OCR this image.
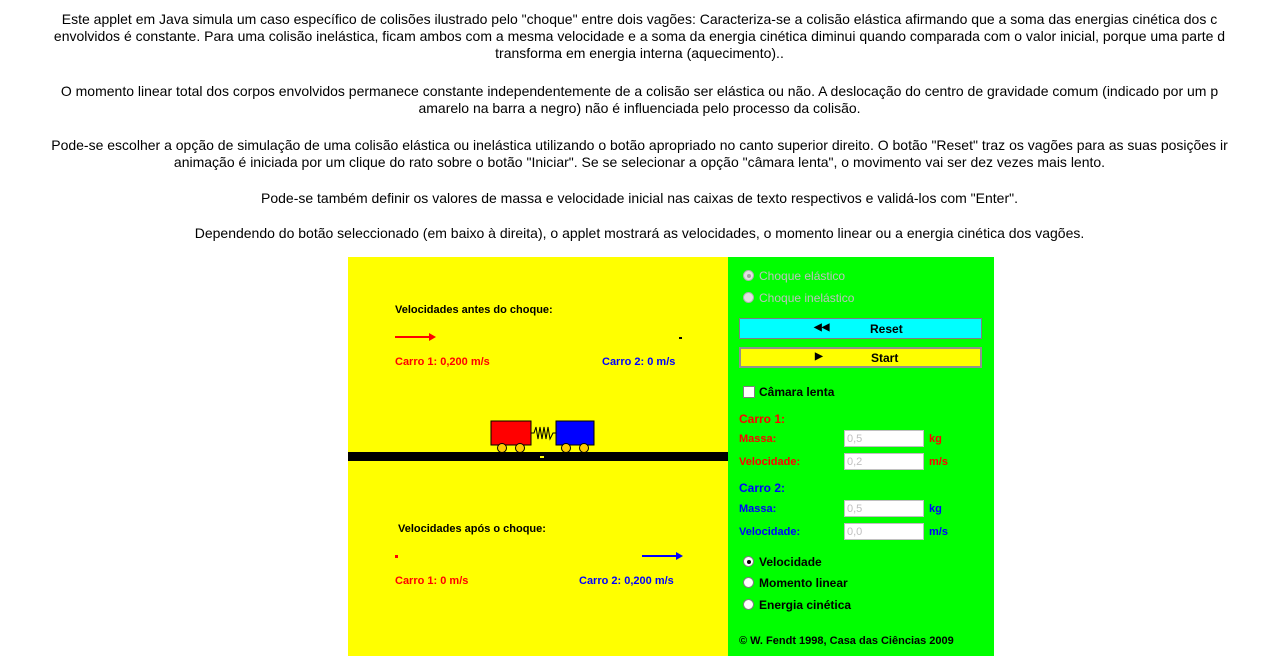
Este applet em Java simula um caso específico de colisões ilustrado pelo "choque" entre dois vagões: Caracteriza-se a colisão elástica afirmando que a soma das energias cinética dos c
envolvidos é constante. Para uma colisão inelástica, ficam ambos com a mesma velocidade e a soma da energia cinética diminui quando comparada com o valor inicial, porque uma parte d
transforma em energia interna (aquecimento)..
O momento linear total dos corpos envolvidos permanece constante independentemente de a colisão ser elástica ou não. A deslocação do centro de gravidade comum (indicado por um p
amarelo na barra a negro) não é influenciada pelo processo da colisão.
Pode-se escolher a opção de simulação de uma colisão elástica ou inelástica utilizando o botão apropriado no canto superior direito. O botão "Reset" traz os vagões para as suas posições ir
animação é iniciada por um clique do rato sobre o botão "Iniciar". Se se selecionar a opção "câmara lenta", o movimento vai ser dez vezes mais lento.
Pode-se também definir os valores de massa e velocidade inicial nas caixas de texto respectivos e validá-los com "Enter".
Dependendo do botão seleccionado (em baixo à direita), o applet mostrará as velocidades, o momento linear ou a energia cinética dos vagões.
Velocidades antes do choque:
Carro 1: 0,200 m/s	Carro 2: 0 m/s
Velocidades após o choque:
Carro 1: 0 m/s	Carro 2: 0,200 m/s
Choque elástico
Choque inelástico
◀◀	Reset
▶	Start
Câmara lenta
Carro 1:
Massa:
0,5	kg
Velocidade:
0,2	m/s
Carro 2:
Massa:
0,5	kg
Velocidade:
0,0	m/s
Velocidade
Momento linear
Energia cinética
© W. Fendt 1998, Casa das Ciências 2009
